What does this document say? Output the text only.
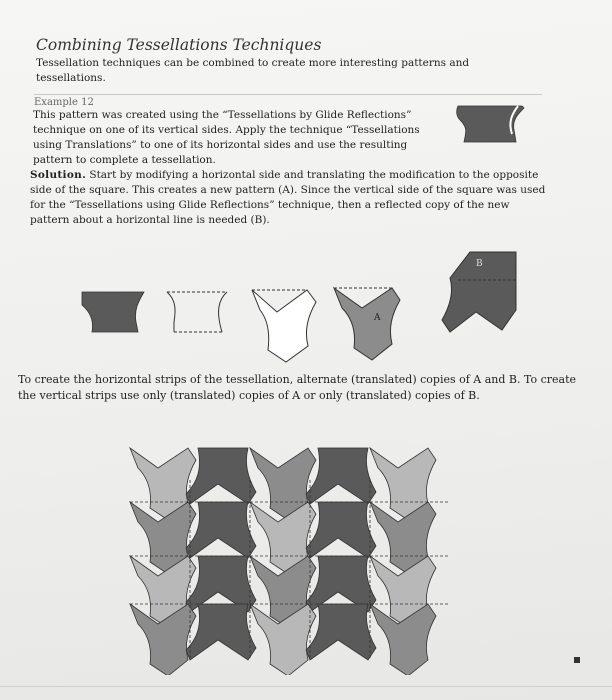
Combining Tessellations Techniques
Tessellation techniques can be combined to create more interesting patterns and tessellations.
Example 12
This pattern was created using the “Tessellations by Glide Reflections” technique on one of its vertical sides. Apply the technique “Tessellations using Translations” to one of its horizontal sides and use the resulting pattern to complete a tessellation.
Solution. Start by modifying a horizontal side and translating the modification to the opposite side of the square. This creates a new pattern (A). Since the vertical side of the square was used for the “Tessellations using Glide Reflections” technique, then a reflected copy of the new pattern about a horizontal line is needed (B).
A
B
To create the horizontal strips of the tessellation, alternate (translated) copies of A and B. To create the vertical strips use only (translated) copies of A or only (translated) copies of B.
